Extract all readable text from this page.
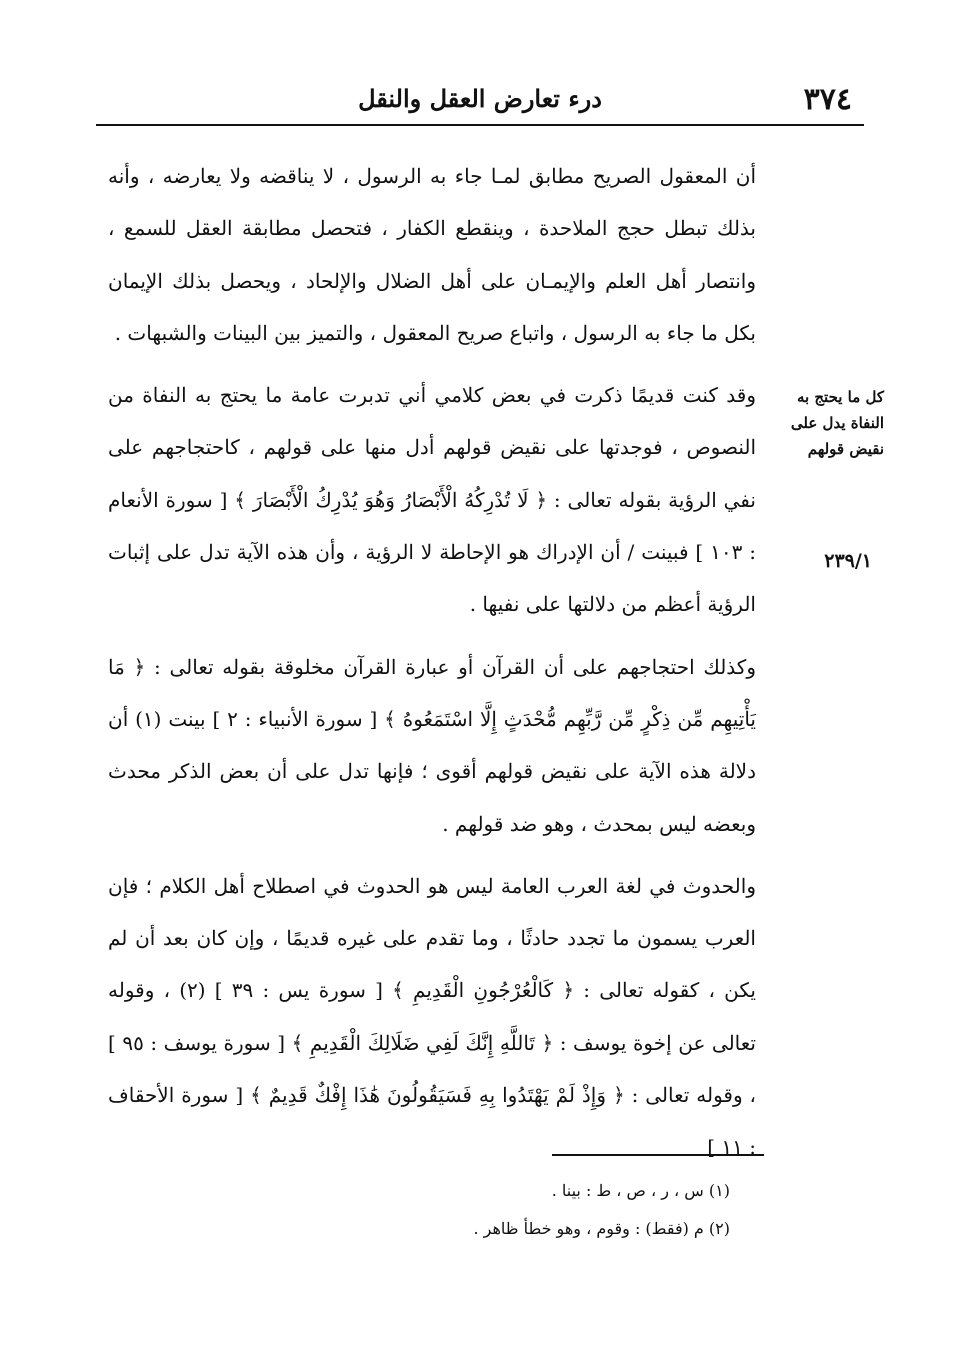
٣٧٤
درء تعارض العقل والنقل
كل ما يحتج به النفاة يدل على نقيض قولهم
٢٣٩/١

أن المعقول الصريح مطابق لمـا جاء به الرسول ، لا يناقضه ولا يعارضه ، وأنه بذلك تبطل حجج الملاحدة ، وينقطع الكفار ، فتحصل مطابقة العقل للسمع ، وانتصار أهل العلم والإيمـان على أهل الضلال والإلحاد ، ويحصل بذلك الإيمان بكل ما جاء به الرسول ، واتباع صريح المعقول ، والتميز بين البينات والشبهات .

وقد كنت قديمًا ذكرت في بعض كلامي أني تدبرت عامة ما يحتج به النفاة من النصوص ، فوجدتها على نقيض قولهم أدل منها على قولهم ، كاحتجاجهم على نفي الرؤية بقوله تعالى : ﴿ لَا تُدْرِكُهُ الْأَبْصَارُ وَهُوَ يُدْرِكُ الْأَبْصَارَ ﴾ [ سورة الأنعام : ١٠٣ ] فبينت / أن الإدراك هو الإحاطة لا الرؤية ، وأن هذه الآية تدل على إثبات الرؤية أعظم من دلالتها على نفيها .

وكذلك احتجاجهم على أن القرآن أو عبارة القرآن مخلوقة بقوله تعالى : ﴿ مَا يَأْتِيهِم مِّن ذِكْرٍ مِّن رَّبِّهِم مُّحْدَثٍ إِلَّا اسْتَمَعُوهُ ﴾ [ سورة الأنبياء : ٢ ] بينت (١) أن دلالة هذه الآية على نقيض قولهم أقوى ؛ فإنها تدل على أن بعض الذكر محدث وبعضه ليس بمحدث ، وهو ضد قولهم .

والحدوث في لغة العرب العامة ليس هو الحدوث في اصطلاح أهل الكلام ؛ فإن العرب يسمون ما تجدد حادثًا ، وما تقدم على غيره قديمًا ، وإن كان بعد أن لم يكن ، كقوله تعالى : ﴿ كَالْعُرْجُونِ الْقَدِيمِ ﴾ [ سورة يس : ٣٩ ] (٢) ، وقوله تعالى عن إخوة يوسف : ﴿ تَاللَّهِ إِنَّكَ لَفِي ضَلَالِكَ الْقَدِيمِ ﴾ [ سورة يوسف : ٩٥ ] ، وقوله تعالى : ﴿ وَإِذْ لَمْ يَهْتَدُوا بِهِ فَسَيَقُولُونَ هَٰذَا إِفْكٌ قَدِيمٌ ﴾ [ سورة الأحقاف : ١١ ]

(١) س ، ر ، ص ، ط : بينا .

(٢) م (فقط) : وقوم ، وهو خطأ ظاهر .
